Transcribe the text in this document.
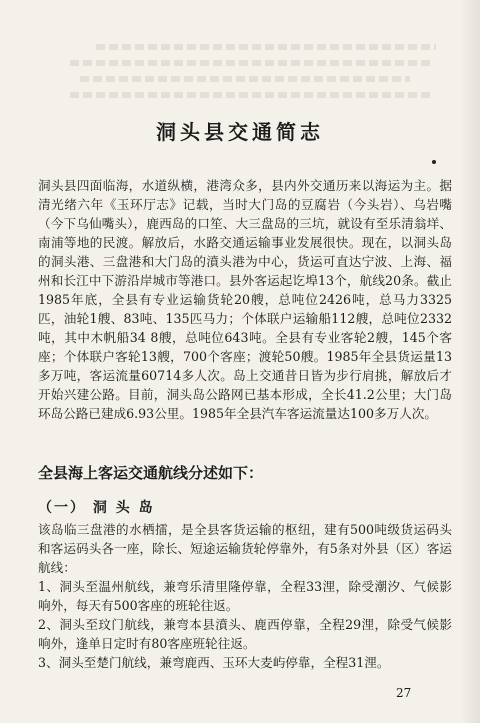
洞头县交通简志

洞头县四面临海，水道纵横，港湾众多，县内外交通历来以海运为主。据清光绪六年《玉环厅志》记载，当时大门岛的豆腐岩（今头岩）、乌岩嘴（今下乌仙嘴头），鹿西岛的口笙、大三盘岛的三坑，就设有至乐清翁垟、南浦等地的民渡。解放后，水路交通运输事业发展很快。现在，以洞头岛的洞头港、三盘港和大门岛的濆头港为中心，货运可直达宁波、上海、福州和长江中下游沿岸城市等港口。县外客运起讫埠13个，航线20条。截止1985年底，全县有专业运输货轮20艘，总吨位2426吨，总马力3325匹，油轮1艘、83吨、135匹马力；个体联户运输船112艘，总吨位2332吨，其中木帆船34 8艘，总吨位643吨。全县有专业客轮2艘，145个客座；个体联户客轮13艘，700个客座；渡轮50艘。1985年全县货运量13多万吨，客运流量60714多人次。岛上交通昔日皆为步行肩挑，解放后才开始兴建公路。目前，洞头岛公路网已基本形成，全长41.2公里；大门岛环岛公路已建成6.93公里。1985年全县汽车客运流量达100多万人次。

全县海上客运交通航线分述如下：
（一） 洞 头 岛
该岛临三盘港的水栖擂，是全县客货运输的枢纽，建有500吨级货运码头和客运码头各一座，除长、短途运输货轮停靠外，有5条对外县（区）客运航线：
1、洞头至温州航线，兼弯乐清里隆停靠，全程33浬，除受潮汐、气候影响外，每天有500客座的班轮往返。
2、洞头至玟门航线，兼弯本县濆头、鹿西停靠，全程29浬，除受气候影响外，逢单日定时有80客座班轮往返。
3、洞头至楚门航线，兼弯鹿西、玉环大麦屿停靠，全程31浬。
27
